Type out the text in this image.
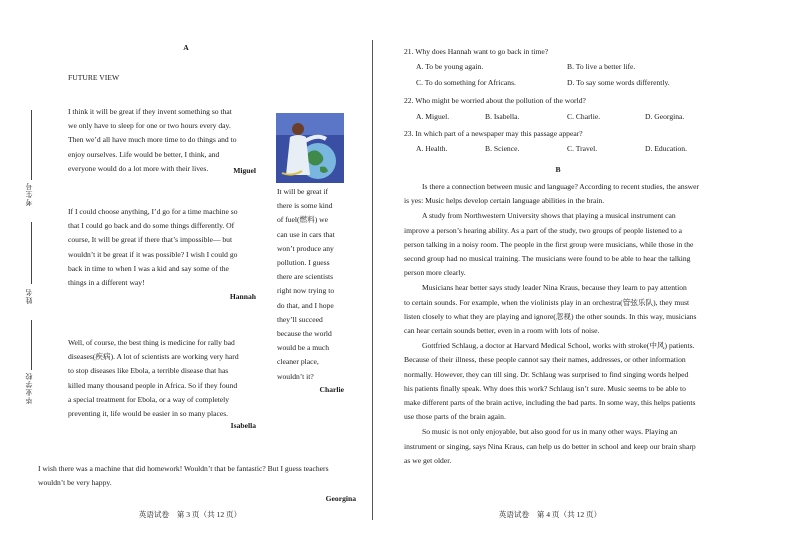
考生号
姓名
毕业学校
A
FUTURE VIEW
I think it will be great if they invent something so that
we only have to sleep for one or two hours every day.
Then we’d all have much more time to do things and to
enjoy ourselves. Life would be better, I think, and
everyone would do a lot more with their lives.	Miguel
If I could choose anything, I’d go for a time machine so
that I could go back and do some things differently. Of
course, It will be great if there that’s impossible— but
wouldn’t it be great if it was possible? I wish I could go
back in time to when I was a kid and say some of the
things in a different way!
Hannah
It will be great if
there is some kind
of fuel(燃料) we
can use in cars that
won’t produce any
pollution. I guess
there are scientists
right now trying to
do that, and I hope
they’ll succeed
because the world
would be a much
cleaner place,
wouldn’t it?
Charlie
Well, of course, the best thing is medicine for rally bad
diseases(疾病). A lot of scientists are working very hard
to stop diseases like Ebola, a terrible disease that has
killed many thousand people in Africa. So if they found
a special treatment for Ebola, or a way of completely
preventing it, life would be easier in so many places.
Isabella
I wish there was a machine that did homework! Wouldn’t that be fantastic? But I guess teachers
wouldn’t be very happy.
Georgina
英语试卷　第 3 页（共 12 页）
21. Why does Hannah want to go back in time?
A. To be young again.	B. To live a better life.
C. To do something for Africans.	D. To say some words differently.
22. Who might be worried about the pollution of the world?
A. Miguel.	B. Isabella.	C. Charlie.	D. Georgina.
23. In which part of a newspaper may this passage appear?
A. Health.	B. Science.	C. Travel.	D. Education.
B
Is there a connection between music and language? According to recent studies, the answer
is yes: Music helps develop certain language abilities in the brain.
A study from Northwestern University shows that playing a musical instrument can
improve a person’s hearing ability. As a part of the study, two groups of people listened to a
person talking in a noisy room. The people in the first group were musicians, while those in the
second group had no musical training. The musicians were found to be able to hear the talking
person more clearly.
Musicians hear better says study leader Nina Kraus, because they learn to pay attention
to certain sounds. For example, when the violinists play in an orchestra(管弦乐队), they must
listen closely to what they are playing and ignore(忽视) the other sounds. In this way, musicians
can hear certain sounds better, even in a room with lots of noise.
Gottfried Schlaug, a doctor at Harvard Medical School, works with stroke(中风) patients.
Because of their illness, these people cannot say their names, addresses, or other information
normally. However, they can till sing. Dr. Schlaug was surprised to find singing words helped
his patients finally speak. Why does this work? Schlaug isn’t sure. Music seems to be able to
make different parts of the brain active, including the bad parts. In some way, this helps patients
use those parts of the brain again.
So music is not only enjoyable, but also good for us in many other ways. Playing an
instrument or singing, says Nina Kraus, can help us do better in school and keep our brain sharp
as we get older.
英语试卷　第 4 页（共 12 页）
